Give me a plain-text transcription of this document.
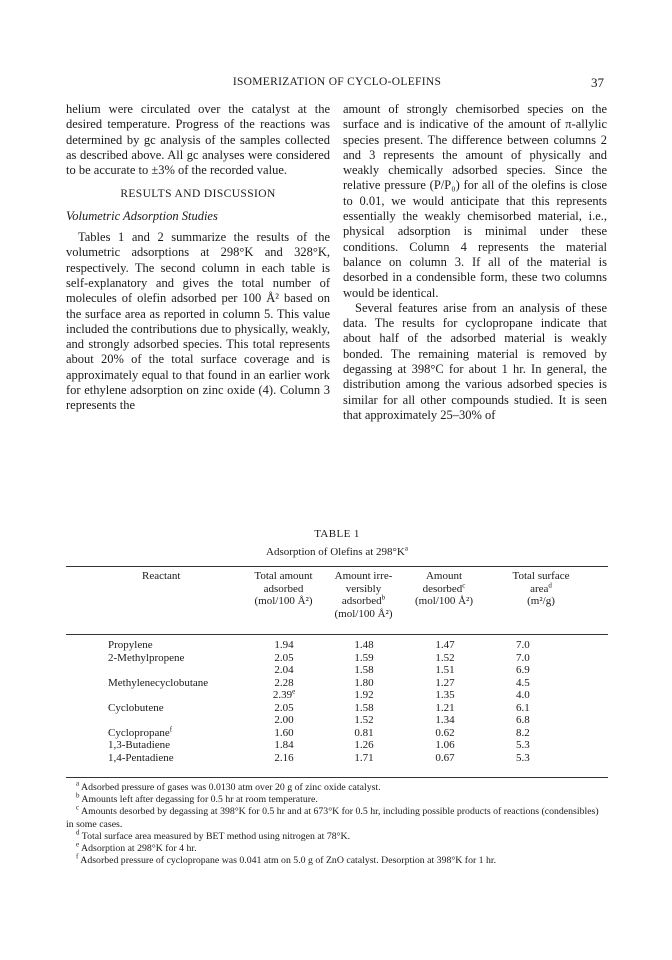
ISOMERIZATION OF CYCLO-OLEFINS	37

helium were circulated over the catalyst at the desired temperature. Progress of the reactions was determined by gc analysis of the samples collected as described above. All gc analyses were considered to be accurate to ±3% of the recorded value.

RESULTS AND DISCUSSION
Volumetric Adsorption Studies

Tables 1 and 2 summarize the results of the volumetric adsorptions at 298°K and 328°K, respectively. The second column in each table is self-explanatory and gives the total number of molecules of olefin adsorbed per 100 Å² based on the surface area as reported in column 5. This value included the contributions due to physically, weakly, and strongly adsorbed species. This total represents about 20% of the total surface coverage and is approximately equal to that found in an earlier work for ethylene adsorption on zinc oxide (4). Column 3 represents the

amount of strongly chemisorbed species on the surface and is indicative of the amount of π-allylic species present. The difference between columns 2 and 3 represents the amount of physically and weakly chemically adsorbed species. Since the relative pressure (P/P₀) for all of the olefins is close to 0.01, we would anticipate that this represents essentially the weakly chemisorbed material, i.e., physical adsorption is minimal under these conditions. Column 4 represents the material balance on column 3. If all of the material is desorbed in a condensible form, these two columns would be identical.

Several features arise from an analysis of these data. The results for cyclopropane indicate that about half of the adsorbed material is weakly bonded. The remaining material is removed by degassing at 398°C for about 1 hr. In general, the distribution among the various adsorbed species is similar for all other compounds studied. It is seen that approximately 25–30% of

TABLE 1
Adsorption of Olefins at $298^\circ K^a$
Reactant	Total amount
adsorbed
(mol/100 Å²)
Amount irre-
versibly
adsorbed$^b$
(mol/100 Å²)
Amount
desorbed$^c$
(mol/100 Å²)
Total surface
area$^d$
(m²/g)
Propylene	1.94	1.48	1.47	7.0
2-Methylpropene	2.05	1.59	1.52	7.0
2.04	1.58	1.51	6.9
Methylenecyclobutane	2.28	1.80	1.27	4.5
2.39e	1.92	1.35	4.0
Cyclobutene	2.05	1.58	1.21	6.1
2.00	1.52	1.34	6.8
Cyclopropane$^f$	1.60	0.81	0.62	8.2
1,3-Butadiene	1.84	1.26	1.06	5.3
1,4-Pentadiene	2.16	1.71	0.67	5.3

$^a$ Adsorbed pressure of gases was 0.0130 atm over 20 g of zinc oxide catalyst.

$^b$ Amounts left after degassing for 0.5 hr at room temperature.

$^c$ Amounts desorbed by degassing at 398°K for 0.5 hr and at 673°K for 0.5 hr, including possible products of reactions (condensibles) in some cases.

$^d$ Total surface area measured by BET method using nitrogen at 78°K.

$^e$ Adsorption at 298°K for 4 hr.

$^f$ Adsorbed pressure of cyclopropane was 0.041 atm on 5.0 g of ZnO catalyst. Desorption at 398°K for 1 hr.
